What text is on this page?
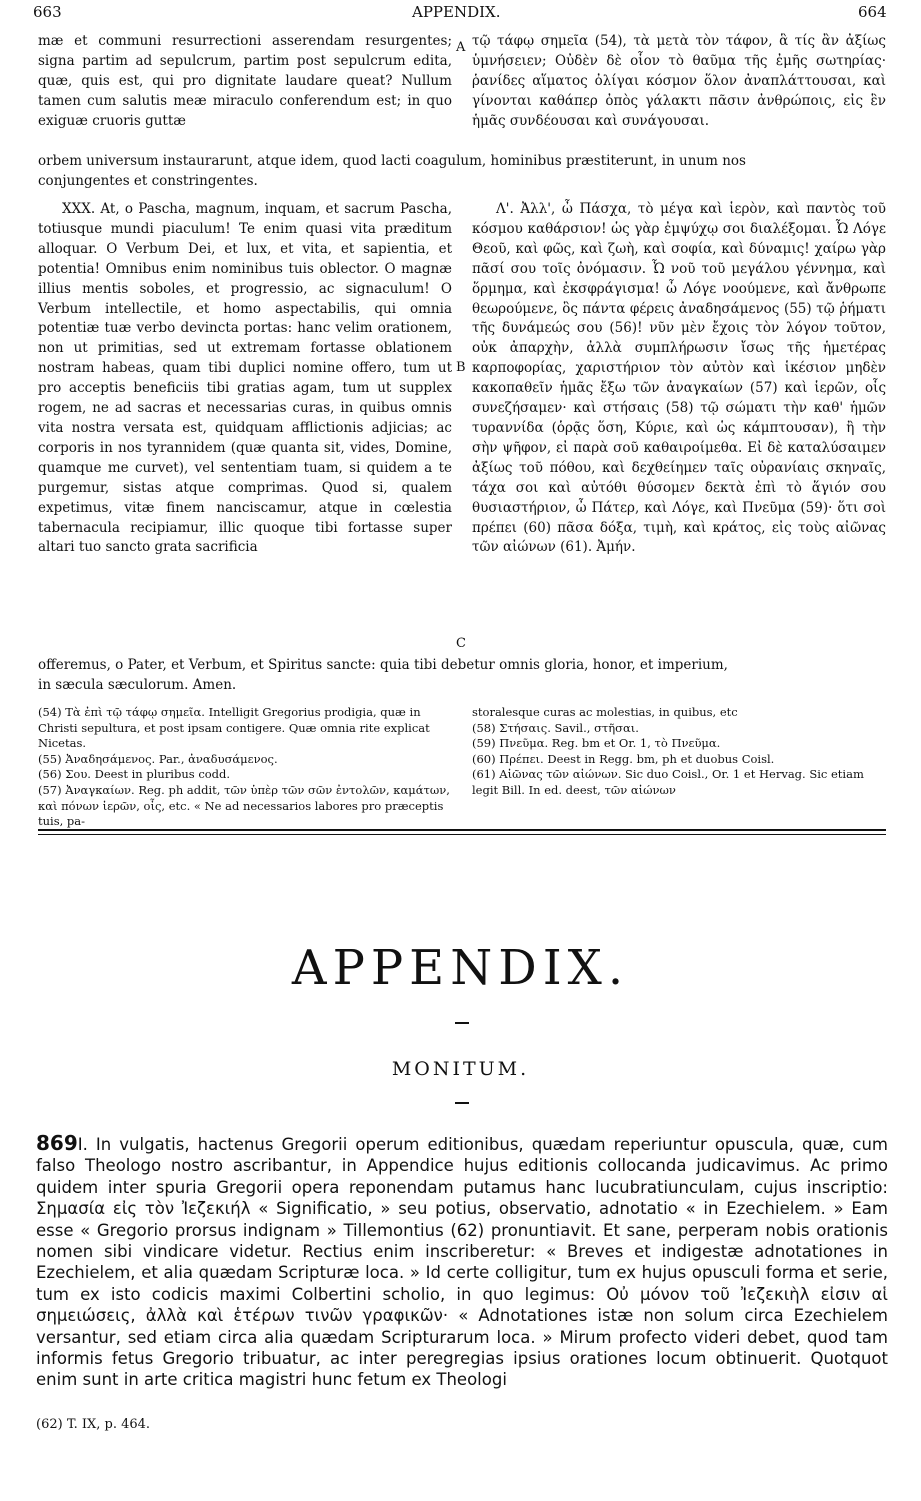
663	APPENDIX.	664

mæ et communi resurrectioni asserendam resurgentes; signa partim ad sepulcrum, partim post sepulcrum edita, quæ, quis est, qui pro dignitate laudare queat? Nullum tamen cum salutis meæ miraculo conferendum est; in quo exiguæ cruoris guttæ

τῷ τάφῳ σημεῖα (54), τὰ μετὰ τὸν τάφον, ἃ τίς ἂν ἀξίως ὑμνήσειεν; Οὐδὲν δὲ οἷον τὸ θαῦμα τῆς ἐμῆς σωτηρίας· ῥανίδες αἵματος ὀλίγαι κόσμον ὅλον ἀναπλάττουσαι, καὶ γίνονται καθάπερ ὀπὸς γάλακτι πᾶσιν ἀνθρώποις, εἰς ἓν ἡμᾶς συνδέουσαι καὶ συνάγουσαι.

orbem universum instaurarunt, atque idem, quod lacti coagulum, hominibus præstiterunt, in unum nos
conjungentes et constringentes.

XXX. At, o Pascha, magnum, inquam, et sacrum Pascha, totiusque mundi piaculum! Te enim quasi vita præditum alloquar. O Verbum Dei, et lux, et vita, et sapientia, et potentia! Omnibus enim nominibus tuis oblector. O magnæ illius mentis soboles, et progressio, ac signaculum! O Verbum intellectile, et homo aspectabilis, qui omnia potentiæ tuæ verbo devincta portas: hanc velim orationem, non ut primitias, sed ut extremam fortasse oblationem nostram habeas, quam tibi duplici nomine offero, tum ut pro acceptis beneficiis tibi gratias agam, tum ut supplex rogem, ne ad sacras et necessarias curas, in quibus omnis vita nostra versata est, quidquam afflictionis adjicias; ac corporis in nos tyrannidem (quæ quanta sit, vides, Domine, quamque me curvet), vel sententiam tuam, si quidem a te purgemur, sistas atque comprimas. Quod si, qualem expetimus, vitæ finem nanciscamur, atque in cœlestia tabernacula recipiamur, illic quoque tibi fortasse super altari tuo sancto grata sacrificia

Λ'. Ἀλλ', ὦ Πάσχα, τὸ μέγα καὶ ἱερὸν, καὶ παντὸς τοῦ κόσμου καθάρσιον! ὡς γὰρ ἐμψύχῳ σοι διαλέξομαι. Ὦ Λόγε Θεοῦ, καὶ φῶς, καὶ ζωὴ, καὶ σοφία, καὶ δύναμις! χαίρω γὰρ πᾶσί σου τοῖς ὀνόμασιν. Ὦ νοῦ τοῦ μεγάλου γέννημα, καὶ ὅρμημα, καὶ ἐκσφράγισμα! ὦ Λόγε νοούμενε, καὶ ἄνθρωπε θεωρούμενε, ὃς πάντα φέρεις ἀναδησάμενος (55) τῷ ῥήματι τῆς δυνάμεώς σου (56)! νῦν μὲν ἔχοις τὸν λόγον τοῦτον, οὐκ ἀπαρχὴν, ἀλλὰ συμπλήρωσιν ἴσως τῆς ἡμετέρας καρποφορίας, χαριστήριον τὸν αὐτὸν καὶ ἱκέσιον μηδὲν κακοπαθεῖν ἡμᾶς ἔξω τῶν ἀναγκαίων (57) καὶ ἱερῶν, οἷς συνεζήσαμεν· καὶ στήσαις (58) τῷ σώματι τὴν καθ' ἡμῶν τυραννίδα (ὁρᾷς ὅση, Κύριε, καὶ ὡς κάμπτουσαν), ἢ τὴν σὴν ψῆφον, εἰ παρὰ σοῦ καθαιροίμεθα. Εἰ δὲ καταλύσαιμεν ἀξίως τοῦ πόθου, καὶ δεχθείημεν ταῖς οὐρανίαις σκηναῖς, τάχα σοι καὶ αὐτόθι θύσομεν δεκτὰ ἐπὶ τὸ ἅγιόν σου θυσιαστήριον, ὦ Πάτερ, καὶ Λόγε, καὶ Πνεῦμα (59)· ὅτι σοὶ πρέπει (60) πᾶσα δόξα, τιμὴ, καὶ κράτος, εἰς τοὺς αἰῶνας τῶν αἰώνων (61). Ἀμήν.

offeremus, o Pater, et Verbum, et Spiritus sancte: quia tibi debetur omnis gloria, honor, et imperium,
in sæcula sæculorum. Amen.
A
B
C

(54) Τὰ ἐπὶ τῷ τάφῳ σημεῖα. Intelligit Gregorius prodigia, quæ in Christi sepultura, et post ipsam contigere. Quæ omnia rite explicat Nicetas.

(55) Ἀναδησάμενος. Par., ἀναδυσάμενος.

(56) Σου. Deest in pluribus codd.

(57) Ἀναγκαίων. Reg. ph addit, τῶν ὑπὲρ τῶν σῶν ἐντολῶν, καμάτων, καὶ πόνων ἱερῶν, οἷς, etc. « Ne ad necessarios labores pro præceptis tuis, pa-

storalesque curas ac molestias, in quibus, etc

(58) Στήσαις. Savil., στῆσαι.

(59) Πνεῦμα. Reg. bm et Or. 1, τὸ Πνεῦμα.

(60) Πρέπει. Deest in Regg. bm, ph et duobus Coisl.

(61) Αἰῶνας τῶν αἰώνων. Sic duo Coisl., Or. 1 et Hervag. Sic etiam legit Bill. In ed. deest, τῶν αἰώνων

APPENDIX.
MONITUM.

869I. In vulgatis, hactenus Gregorii operum editionibus, quædam reperiuntur opuscula, quæ, cum falso Theologo nostro ascribantur, in Appendice hujus editionis collocanda judicavimus. Ac primo quidem inter spuria Gregorii opera reponendam putamus hanc lucubratiunculam, cujus inscriptio: Σημασία εἰς τὸν Ἰεζεκιήλ « Significatio, » seu potius, observatio, adnotatio « in Ezechielem. » Eam esse « Gregorio prorsus indignam » Tillemontius (62) pronuntiavit. Et sane, perperam nobis orationis nomen sibi vindicare videtur. Rectius enim inscriberetur: « Breves et indigestæ adnotationes in Ezechielem, et alia quædam Scripturæ loca. » Id certe colligitur, tum ex hujus opusculi forma et serie, tum ex isto codicis maximi Colbertini scholio, in quo legimus: Οὐ μόνον τοῦ Ἰεζεκιὴλ εἰσιν αἱ σημειώσεις, ἀλλὰ καὶ ἑτέρων τινῶν γραφικῶν· « Adnotationes istæ non solum circa Ezechielem versantur, sed etiam circa alia quædam Scripturarum loca. » Mirum profecto videri debet, quod tam informis fetus Gregorio tribuatur, ac inter peregregias ipsius orationes locum obtinuerit. Quotquot enim sunt in arte critica magistri hunc fetum ex Theologi

(62) T. IX, p. 464.
